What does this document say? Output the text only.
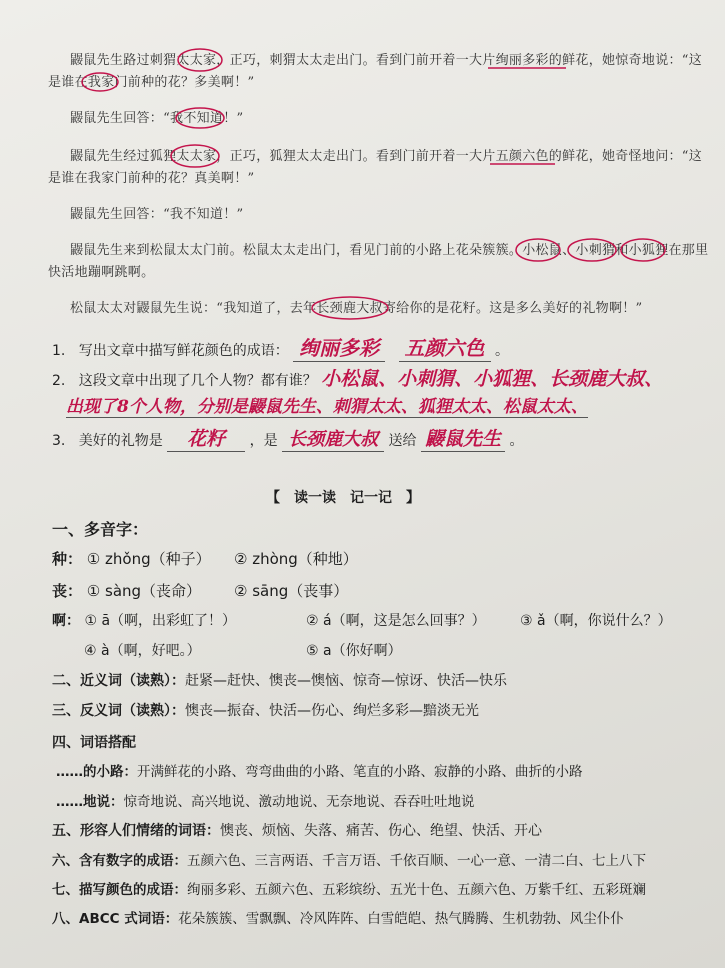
鼹鼠先生路过刺猬太太家，正巧，刺猬太太走出门。看到门前开着一大片绚丽多彩的鲜花，她惊奇地说：“这
是谁在我家门前种的花？多美啊！”
鼹鼠先生回答：“我不知道！”
鼹鼠先生经过狐狸太太家，正巧，狐狸太太走出门。看到门前开着一大片五颜六色的鲜花，她奇怪地问：“这
是谁在我家门前种的花？真美啊！”
鼹鼠先生回答：“我不知道！”
鼹鼠先生来到松鼠太太门前。松鼠太太走出门，看见门前的小路上花朵簇簇。小松鼠、小刺猬和小狐狸在那里
快活地蹦啊跳啊。
松鼠太太对鼹鼠先生说：“我知道了，去年长颈鹿大叔寄给你的是花籽。这是多么美好的礼物啊！”
1. 写出文章中描写鲜花颜色的成语： 绚丽多彩 五颜六色 。
2. 这段文章中出现了几个人物？都有谁？ 小松鼠、小刺猬、小狐狸、长颈鹿大叔、
出现了8个人物，分别是鼹鼠先生、刺猬太太、狐狸太太、松鼠太太、
3. 美好的礼物是 花籽 ，是 长颈鹿大叔 送给 鼹鼠先生 。
【　读一读　记一记　】
一、多音字：
种： ① zhǒng（种子） ② zhòng（种地）
丧： ① sàng（丧命） ② sāng（丧事）
啊： ① ā（啊，出彩虹了！）	② á（啊，这是怎么回事？） ③ ǎ（啊，你说什么？）
④ à（啊，好吧。）	⑤ a（你好啊）
二、近义词（读熟）：赶紧—赶快、懊丧—懊恼、惊奇—惊讶、快活—快乐
三、反义词（读熟）：懊丧—振奋、快活—伤心、绚烂多彩—黯淡无光
四、词语搭配
……的小路：开满鲜花的小路、弯弯曲曲的小路、笔直的小路、寂静的小路、曲折的小路
……地说：惊奇地说、高兴地说、激动地说、无奈地说、吞吞吐吐地说
五、形容人们情绪的词语：懊丧、烦恼、失落、痛苦、伤心、绝望、快活、开心
六、含有数字的成语：五颜六色、三言两语、千言万语、千依百顺、一心一意、一清二白、七上八下
七、描写颜色的成语：绚丽多彩、五颜六色、五彩缤纷、五光十色、五颜六色、万紫千红、五彩斑斓
八、ABCC 式词语：花朵簇簇、雪飘飘、冷风阵阵、白雪皑皑、热气腾腾、生机勃勃、风尘仆仆
